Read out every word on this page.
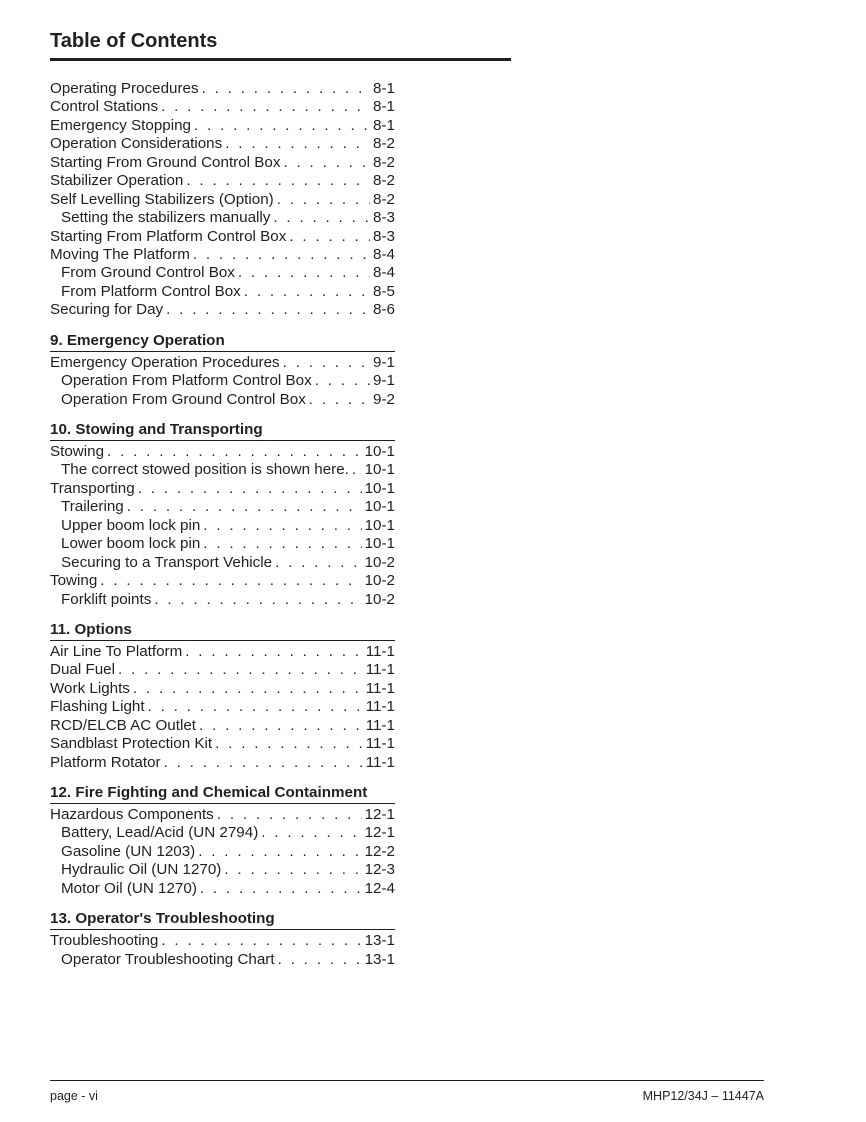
Table of Contents
Operating Procedures . . .	8-1
Control Stations . . .	8-1
Emergency Stopping . . .	8-1
Operation Considerations . . .	8-2
Starting From Ground Control Box . . .	8-2
Stabilizer Operation . . .	8-2
Self Levelling Stabilizers (Option) . . .	8-2
Setting the stabilizers manually . . .	8-3
Starting From Platform Control Box . . .	8-3
Moving The Platform . . .	8-4
From Ground Control Box . . .	8-4
From Platform Control Box . . .	8-5
Securing for Day . . .	8-6
9. Emergency Operation
Emergency Operation Procedures . . .	9-1
Operation From Platform Control Box . . .	9-1
Operation From Ground Control Box . . .	9-2
10. Stowing and Transporting
Stowing . . .	10-1
The correct stowed position is shown here. . . . 10-1
Transporting . . .	10-1
Trailering . . .	10-1
Upper boom lock pin . . .	10-1
Lower boom lock pin . . .	10-1
Securing to a Transport Vehicle . . .	10-2
Towing . . .	10-2
Forklift points . . .	10-2
11. Options
Air Line To Platform . . .	11-1
Dual Fuel . . .	11-1
Work Lights . . .	11-1
Flashing Light . . .	11-1
RCD/ELCB AC Outlet . . .	11-1
Sandblast Protection Kit . . .	11-1
Platform Rotator . . .	11-1
12. Fire Fighting and Chemical Containment
Hazardous Components . . .	12-1
Battery, Lead/Acid (UN 2794) . . .	12-1
Gasoline (UN 1203) . . .	12-2
Hydraulic Oil (UN 1270) . . .	12-3
Motor Oil (UN 1270) . . .	12-4
13. Operator's Troubleshooting
Troubleshooting . . .	13-1
Operator Troubleshooting Chart . . .	13-1
page - vi	MHP12/34J – 11447A
